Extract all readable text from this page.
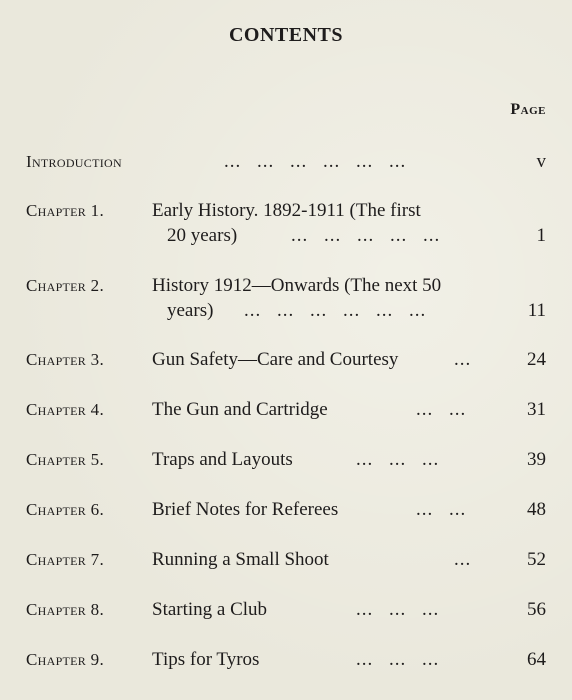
CONTENTS
Page
Introduction	... ... ... ... ... ...	v
Chapter 1.	Early History. 1892-1911 (The first
20 years)	... ... ... ... ...	1
Chapter 2.	History 1912—Onwards (The next 50
years) ... ... ... ... ... ...	11
Chapter 3.	Gun Safety—Care and Courtesy	...	24
Chapter 4.	The Gun and Cartridge	... ...	31
Chapter 5.	Traps and Layouts	... ... ...	39
Chapter 6.	Brief Notes for Referees	... ...	48
Chapter 7.	Running a Small Shoot	...	52
Chapter 8.	Starting a Club	... ... ...	56
Chapter 9.	Tips for Tyros	... ... ...	64
